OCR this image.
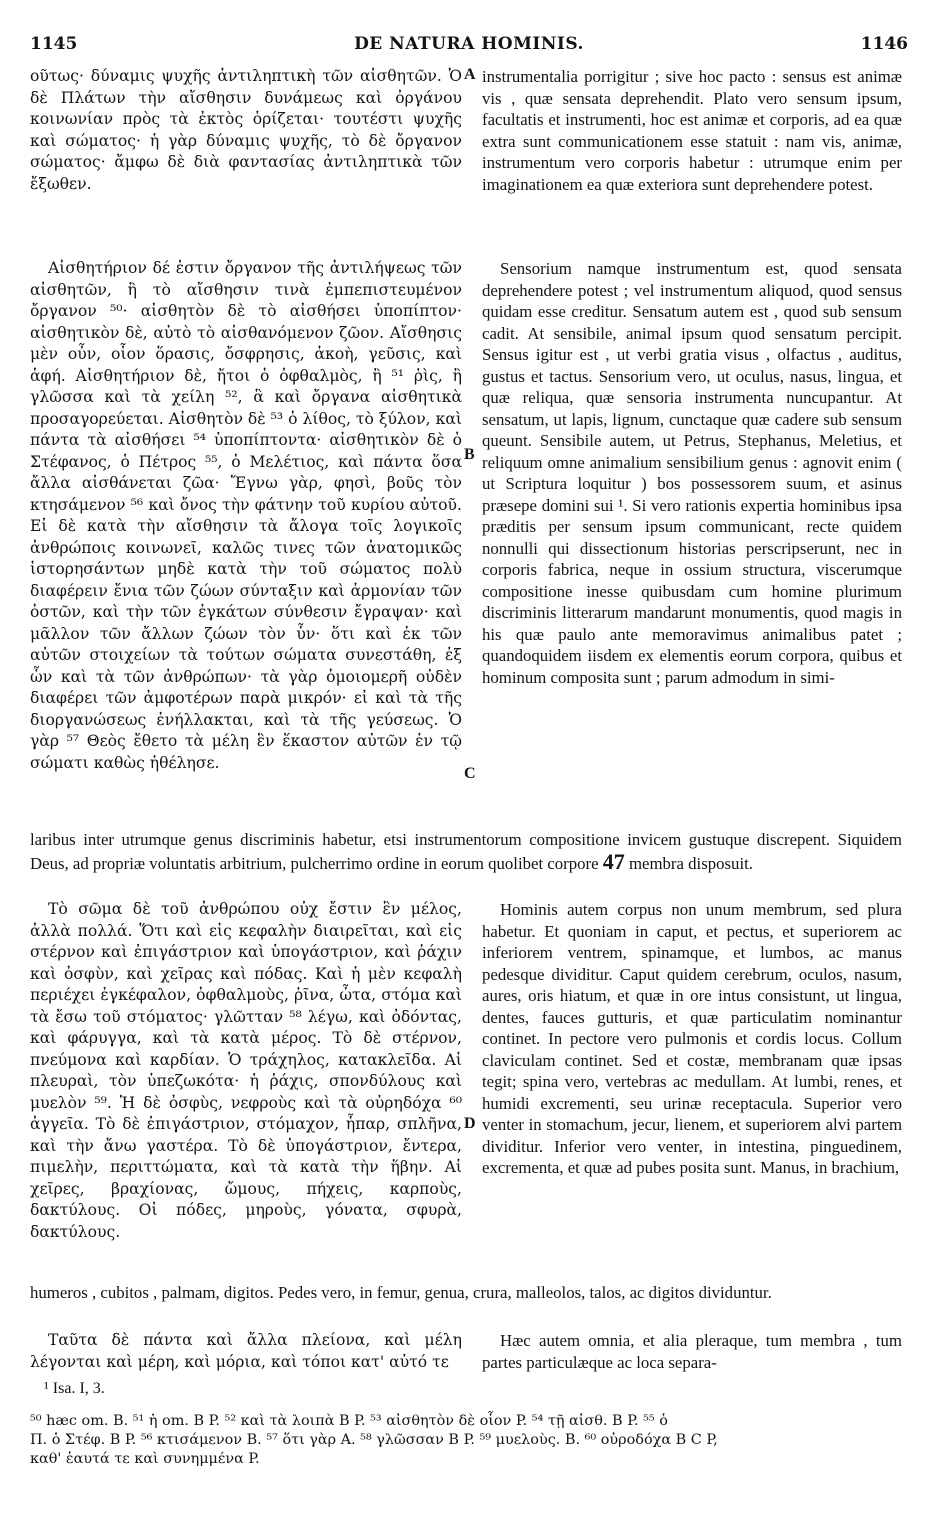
1145	DE NATURA HOMINIS.	1146

οῦτως· δύναμις ψυχῆς ἀντιληπτικὴ τῶν αἰσθητῶν. Ὁ δὲ Πλάτων τὴν αἴσθησιν δυνάμεως καὶ ὀργάνου κοινωνίαν πρὸς τὰ ἐκτὸς ὁρίζεται· τουτέστι ψυχῆς καὶ σώματος· ἡ γὰρ δύναμις ψυχῆς, τὸ δὲ ὄργανον σώματος· ἄμφω δὲ διὰ φαντασίας ἀντιληπτικὰ τῶν ἔξωθεν.

Αἰσθητήριον δέ ἐστιν ὄργανον τῆς ἀντιλήψεως τῶν αἰσθητῶν, ἢ τὸ αἴσθησιν τινὰ ἐμπεπιστευμένον ὄργανον ⁵⁰· αἰσθητὸν δὲ τὸ αἰσθήσει ὑποπίπτον· αἰσθητικὸν δὲ, αὐτὸ τὸ αἰσθανόμενον ζῶον. Αἴσθησις μὲν οὖν, οἷον ὅρασις, ὄσφρησις, ἀκοὴ, γεῦσις, καὶ ἁφή. Αἰσθητήριον δὲ, ἤτοι ὁ ὀφθαλμὸς, ἢ ⁵¹ ῥὶς, ἢ γλῶσσα καὶ τὰ χείλη ⁵², ἃ καὶ ὄργανα αἰσθητικὰ προσαγορεύεται. Αἰσθητὸν δὲ ⁵³ ὁ λίθος, τὸ ξύλον, καὶ πάντα τὰ αἰσθήσει ⁵⁴ ὑποπίπτοντα· αἰσθητικὸν δὲ ὁ Στέφανος, ὁ Πέτρος ⁵⁵, ὁ Μελέτιος, καὶ πάντα ὅσα ἄλλα αἰσθάνεται ζῶα· Ἔγνω γὰρ, φησὶ, βοῦς τὸν κτησάμενον ⁵⁶ καὶ ὄνος τὴν φάτνην τοῦ κυρίου αὐτοῦ. Εἰ δὲ κατὰ τὴν αἴσθησιν τὰ ἄλογα τοῖς λογικοῖς ἀνθρώποις κοινωνεῖ, καλῶς τινες τῶν ἀνατομικῶς ἱστορησάντων μηδὲ κατὰ τὴν τοῦ σώματος πολὺ διαφέρειν ἔνια τῶν ζώων σύνταξιν καὶ ἁρμονίαν τῶν ὀστῶν, καὶ τὴν τῶν ἐγκάτων σύνθεσιν ἔγραψαν· καὶ μᾶλλον τῶν ἄλλων ζώων τὸν ὗν· ὅτι καὶ ἐκ τῶν αὐτῶν στοιχείων τὰ τούτων σώματα συνεστάθη, ἐξ ὧν καὶ τὰ τῶν ἀνθρώπων· τὰ γὰρ ὁμοιομερῆ οὐδὲν διαφέρει τῶν ἀμφοτέρων παρὰ μικρόν· εἰ καὶ τὰ τῆς διοργανώσεως ἐνήλλακται, καὶ τὰ τῆς γεύσεως. Ὁ γὰρ ⁵⁷ Θεὸς ἔθετο τὰ μέλη ἓν ἕκαστον αὐτῶν ἐν τῷ σώματι καθὼς ἠθέλησε.

instrumentalia porrigitur ; sive hoc pacto : sensus est animæ vis , quæ sensata deprehendit. Plato vero sensum ipsum, facultatis et instrumenti, hoc est animæ et corporis, ad ea quæ extra sunt communicationem esse statuit : nam vis, animæ, instrumentum vero corporis habetur : utrumque enim per imaginationem ea quæ exteriora sunt deprehendere potest.

Sensorium namque instrumentum est, quod sensata deprehendere potest ; vel instrumentum aliquod, quod sensus quidam esse creditur. Sensatum autem est , quod sub sensum cadit. At sensibile, animal ipsum quod sensatum percipit. Sensus igitur est , ut verbi gratia visus , olfactus , auditus, gustus et tactus. Sensorium vero, ut oculus, nasus, lingua, et quæ reliqua, quæ sensoria instrumenta nuncupantur. At sensatum, ut lapis, lignum, cunctaque quæ cadere sub sensum queunt. Sensibile autem, ut Petrus, Stephanus, Meletius, et reliquum omne animalium sensibilium genus : agnovit enim ( ut Scriptura loquitur ) bos possessorem suum, et asinus præsepe domini sui ¹. Si vero rationis expertia hominibus ipsa præditis per sensum ipsum communicant, recte quidem nonnulli qui dissectionum historias perscripserunt, nec in corporis fabrica, neque in ossium structura, viscerumque compositione inesse quibusdam cum homine plurimum discriminis litterarum mandarunt monumentis, quod magis in his quæ paulo ante memoravimus animalibus patet ; quandoquidem iisdem ex elementis eorum corpora, quibus et hominum composita sunt ; parum admodum in simi-

laribus inter utrumque genus discriminis habetur, etsi instrumentorum compositione invicem gustuque discrepent. Siquidem Deus, ad propriæ voluntatis arbitrium, pulcherrimo ordine in eorum quolibet corpore 47 membra disposuit.

Τὸ σῶμα δὲ τοῦ ἀνθρώπου οὐχ ἔστιν ἓν μέλος, ἀλλὰ πολλά. Ὅτι καὶ εἰς κεφαλὴν διαιρεῖται, καὶ εἰς στέρνον καὶ ἐπιγάστριον καὶ ὑπογάστριον, καὶ ῥάχιν καὶ ὀσφὺν, καὶ χεῖρας καὶ πόδας. Καὶ ἡ μὲν κεφαλὴ περιέχει ἐγκέφαλον, ὀφθαλμοὺς, ῥῖνα, ὦτα, στόμα καὶ τὰ ἔσω τοῦ στόματος· γλῶτταν ⁵⁸ λέγω, καὶ ὀδόντας, καὶ φάρυγγα, καὶ τὰ κατὰ μέρος. Τὸ δὲ στέρνον, πνεύμονα καὶ καρδίαν. Ὁ τράχηλος, κατακλεῖδα. Αἱ πλευραὶ, τὸν ὑπεζωκότα· ἡ ῥάχις, σπονδύλους καὶ μυελὸν ⁵⁹. Ἡ δὲ ὀσφὺς, νεφροὺς καὶ τὰ οὐρηδόχα ⁶⁰ ἀγγεῖα. Τὸ δὲ ἐπιγάστριον, στόμαχον, ἧπαρ, σπλῆνα, καὶ τὴν ἄνω γαστέρα. Τὸ δὲ ὑπογάστριον, ἔντερα, πιμελὴν, περιττώματα, καὶ τὰ κατὰ τὴν ἥβην. Αἱ χεῖρες, βραχίονας, ὤμους, πήχεις, καρποὺς, δακτύλους. Οἱ πόδες, μηροὺς, γόνατα, σφυρὰ, δακτύλους.

Hominis autem corpus non unum membrum, sed plura habetur. Et quoniam in caput, et pectus, et superiorem ac inferiorem ventrem, spinamque, et lumbos, ac manus pedesque dividitur. Caput quidem cerebrum, oculos, nasum, aures, oris hiatum, et quæ in ore intus consistunt, ut lingua, dentes, fauces gutturis, et quæ particulatim nominantur continet. In pectore vero pulmonis et cordis locus. Collum claviculam continet. Sed et costæ, membranam quæ ipsas tegit; spina vero, vertebras ac medullam. At lumbi, renes, et humidi excrementi, seu urinæ receptacula. Superior vero venter in stomachum, jecur, lienem, et superiorem alvi partem dividitur. Inferior vero venter, in intestina, pinguedinem, excrementa, et quæ ad pubes posita sunt. Manus, in brachium,

humeros , cubitos , palmam, digitos. Pedes vero, in femur, genua, crura, malleolos, talos, ac digitos dividuntur.

Ταῦτα δὲ πάντα καὶ ἄλλα πλείονα, καὶ μέλη λέγονται καὶ μέρη, καὶ μόρια, καὶ τόποι κατ' αὐτό τε

Hæc autem omnia, et alia pleraque, tum membra , tum partes particulæque ac loca separa-

¹ Isa. I, 3.
A
B
C
D
⁵⁰ hæc om. B. ⁵¹ ἡ om. B P. ⁵² καὶ τὰ λοιπὰ B P. ⁵³ αἰσθητὸν δὲ οἷον P. ⁵⁴ τῇ αἰσθ. B P. ⁵⁵ ὁ
Π. ὁ Στέφ. B P. ⁵⁶ κτισάμενον B. ⁵⁷ ὅτι γὰρ A. ⁵⁸ γλῶσσαν B P. ⁵⁹ μυελοὺς. B. ⁶⁰ οὐροδόχα B C P,
καθ' ἑαυτά τε καὶ συνημμένα P.
